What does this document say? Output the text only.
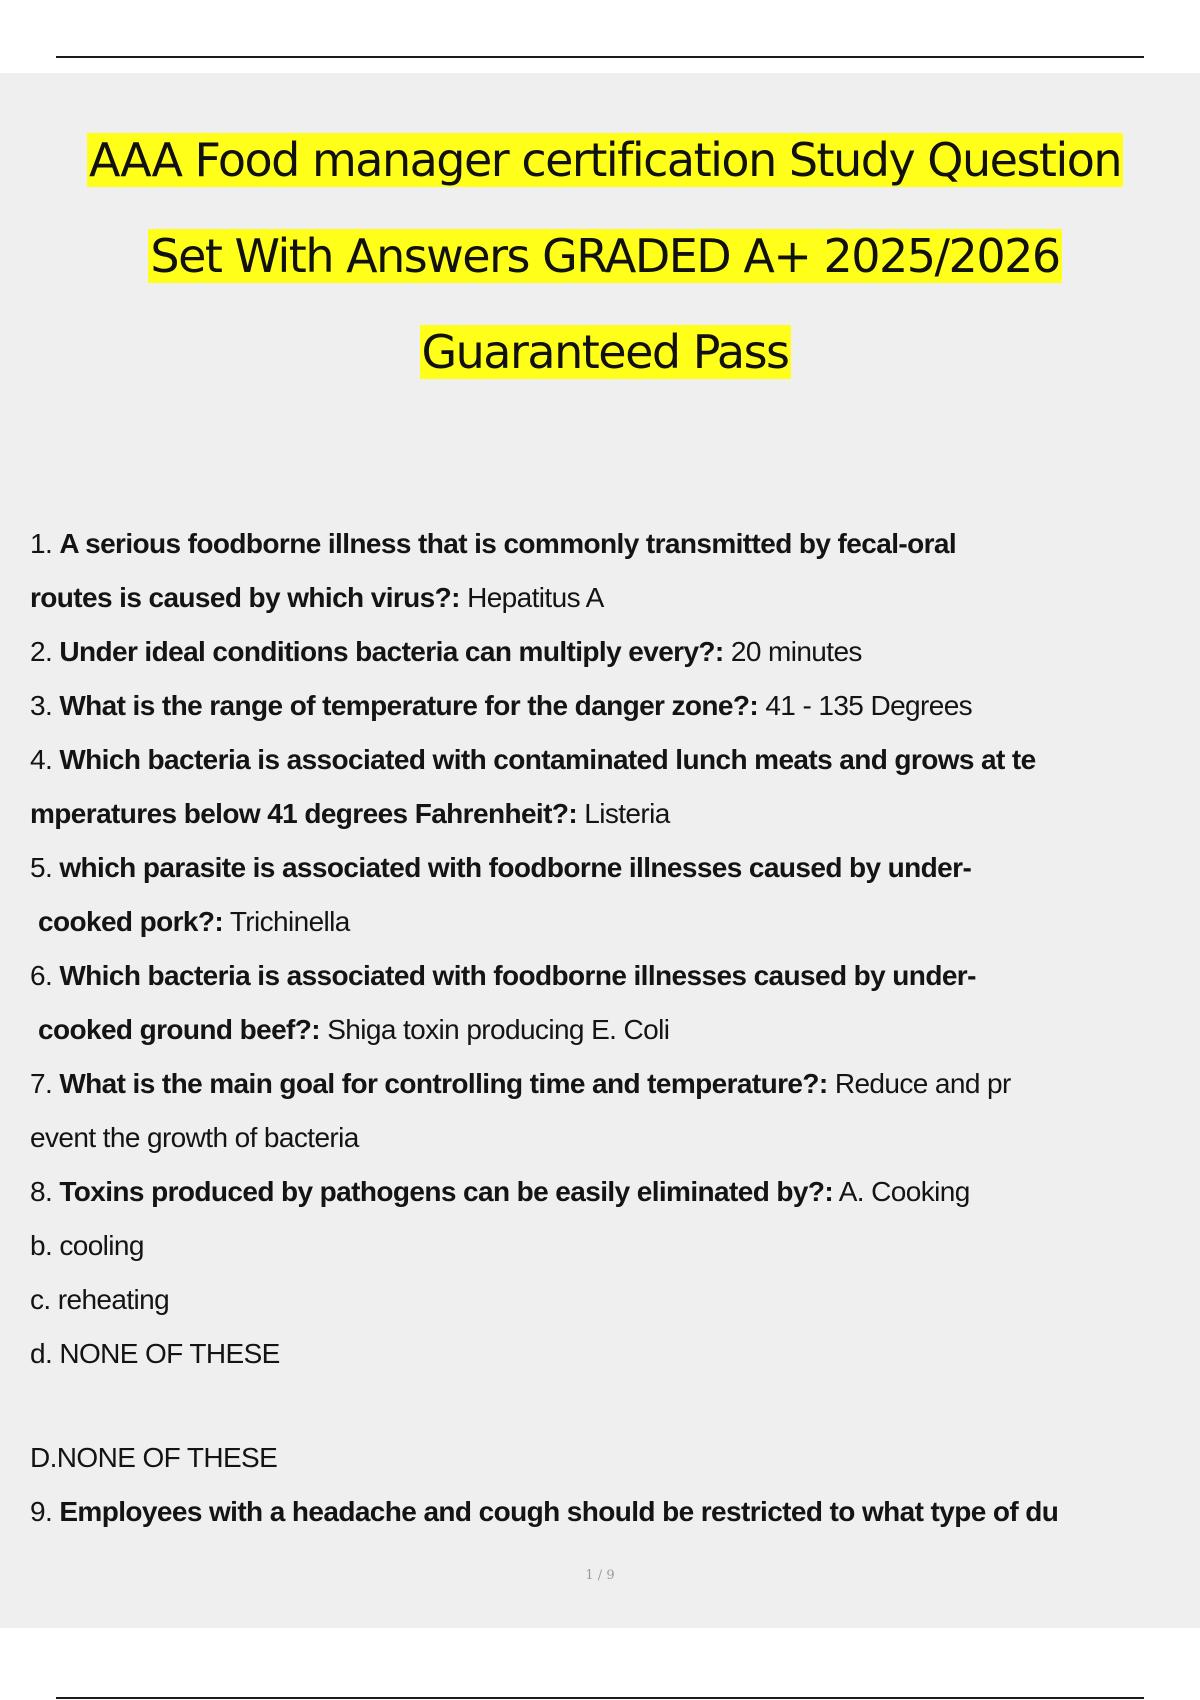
AAA Food manager certification Study Question
Set With Answers GRADED A+ 2025/2026
Guaranteed Pass

1. A serious foodborne illness that is commonly transmitted by fecal-oral
routes is caused by which virus?: Hepatitus A

2. Under ideal conditions bacteria can multiply every?: 20 minutes

3. What is the range of temperature for the danger zone?: 41 - 135 Degrees

4. Which bacteria is associated with contaminated lunch meats and grows at te
mperatures below 41 degrees Fahrenheit?: Listeria

5. which parasite is associated with foodborne illnesses caused by under-
cooked pork?: Trichinella

6. Which bacteria is associated with foodborne illnesses caused by under-
cooked ground beef?: Shiga toxin producing E. Coli

7. What is the main goal for controlling time and temperature?: Reduce and pr
event the growth of bacteria

8. Toxins produced by pathogens can be easily eliminated by?: A. Cooking
b. cooling
c. reheating
d. NONE OF THESE

D.NONE OF THESE

9. Employees with a headache and cough should be restricted to what type of du

1 / 9
